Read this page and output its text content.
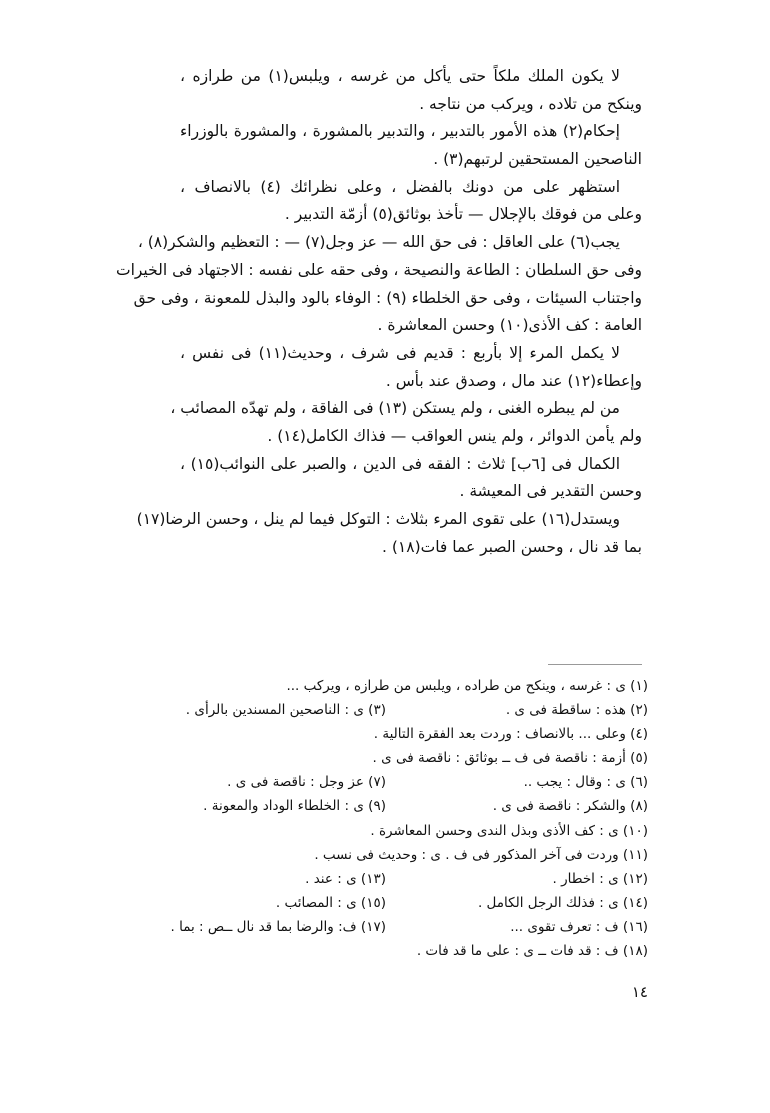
لا يكون الملك ملكاً حتى يأكل من غرسه ، ويلبس(١) من طرازه ،
وينكح من تلاده ، ويركب من نتاجه .
إحكام(٢) هذه الأمور بالتدبير ، والتدبير بالمشورة ، والمشورة بالوزراء
الناصحين المستحقين لرتبهم(٣) .
استظهر على من دونك بالفضل ، وعلى نظرائك (٤) بالانصاف ،
وعلى من فوقك بالإجلال — تأخذ بوثائق(٥) أزمّة التدبير .
يجب(٦) على العاقل : فى حق الله — عز وجل(٧) — : التعظيم والشكر(٨) ،
وفى حق السلطان : الطاعة والنصيحة ، وفى حقه على نفسه : الاجتهاد فى الخيرات
واجتناب السيئات ، وفى حق الخلطاء (٩) : الوفاء بالود والبذل للمعونة ، وفى حق
العامة : كف الأذى(١٠) وحسن المعاشرة .
لا يكمل المرء إلا بأربع : قديم فى شرف ، وحديث(١١) فى نفس ،
وإعطاء(١٢) عند مال ، وصدق عند بأس .
من لم يبطره الغنى ، ولم يستكن (١٣) فى الفاقة ، ولم تهدّه المصائب ،
ولم يأمن الدوائر ، ولم ينس العواقب — فذاك الكامل(١٤) .
الكمال فى [٦ب] ثلاث : الفقه فى الدين ، والصبر على النوائب(١٥) ،
وحسن التقدير فى المعيشة .
ويستدل(١٦) على تقوى المرء بثلاث : التوكل فيما لم ينل ، وحسن الرضا(١٧)
بما قد نال ، وحسن الصبر عما فات(١٨) .
(١) ى : غرسه ، وينكح من طراده ، ويلبس من طرازه ، ويركب ...
(٢) هذه : ساقطة فى ى .
(٣) ى : الناصحين المسندين بالرأى .
(٤) وعلى ... بالانصاف : وردت بعد الفقرة التالية .
(٥) أزمة : ناقصة فى ف ــ بوثائق : ناقصة فى ى .
(٦) ى : وقال : يجب ..
(٧) عز وجل : ناقصة فى ى .
(٨) والشكر : ناقصة فى ى .
(٩) ى : الخلطاء الوداد والمعونة .
(١٠) ى : كف الأذى وبذل الندى وحسن المعاشرة .
(١١) وردت فى آخر المذكور فى ف . ى : وحديث فى نسب .
(١٢) ى : اخطار .
(١٣) ى : عند .
(١٤) ى : فذلك الرجل الكامل .
(١٥) ى : المصائب .
(١٦) ف : تعرف تقوى ...
(١٧) ف: والرضا بما قد نال ــص : بما .
(١٨) ف : قد فات ــ ى : على ما قد فات .
١٤
